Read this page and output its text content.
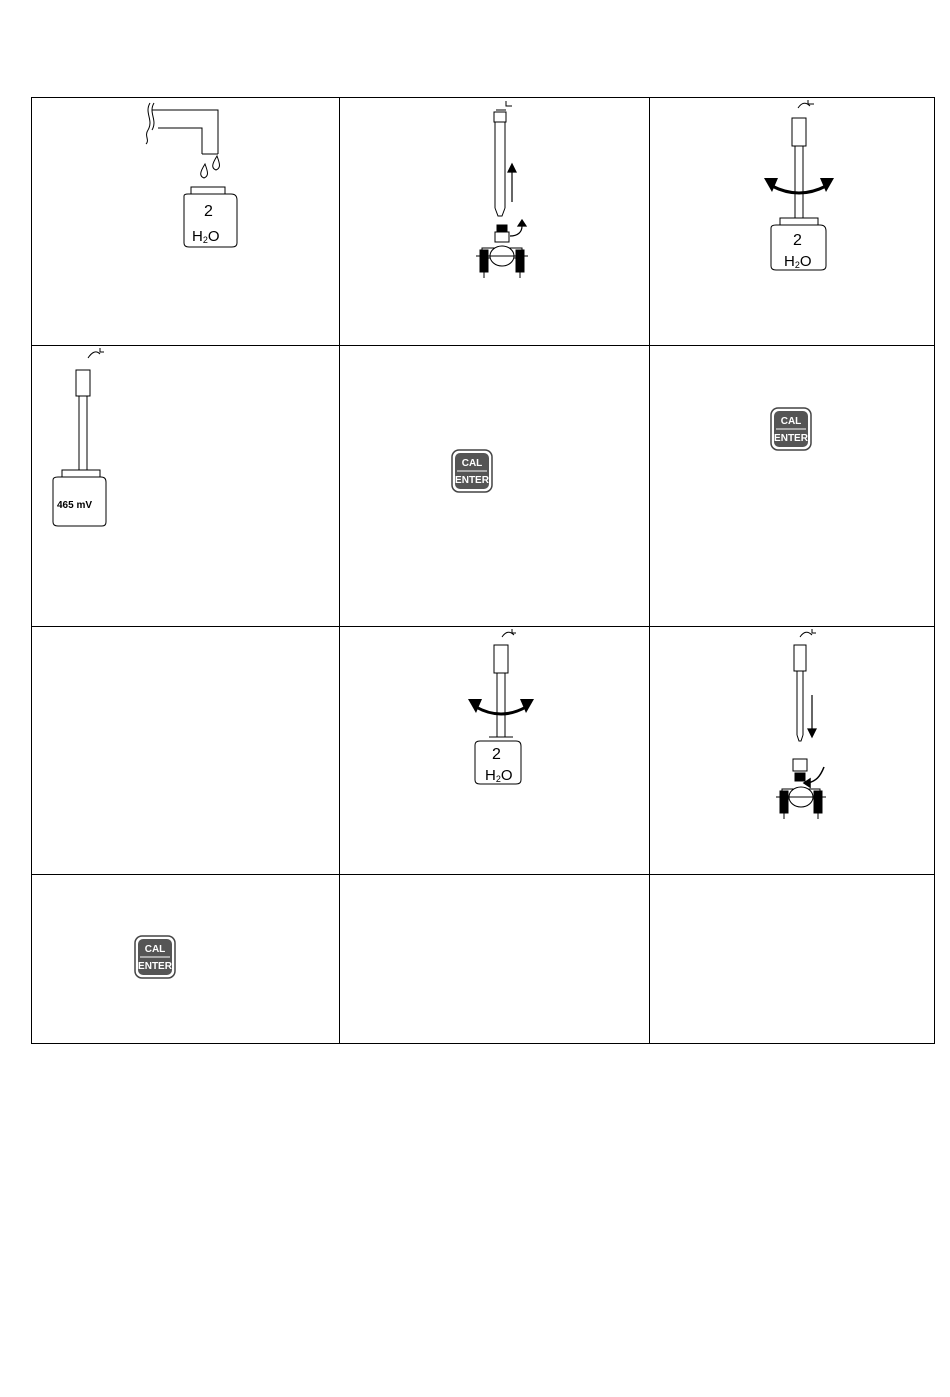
2
H2O	2
H2O
465 mV
CAL
ENTER
CAL
ENTER
2
H2O
CAL
ENTER
